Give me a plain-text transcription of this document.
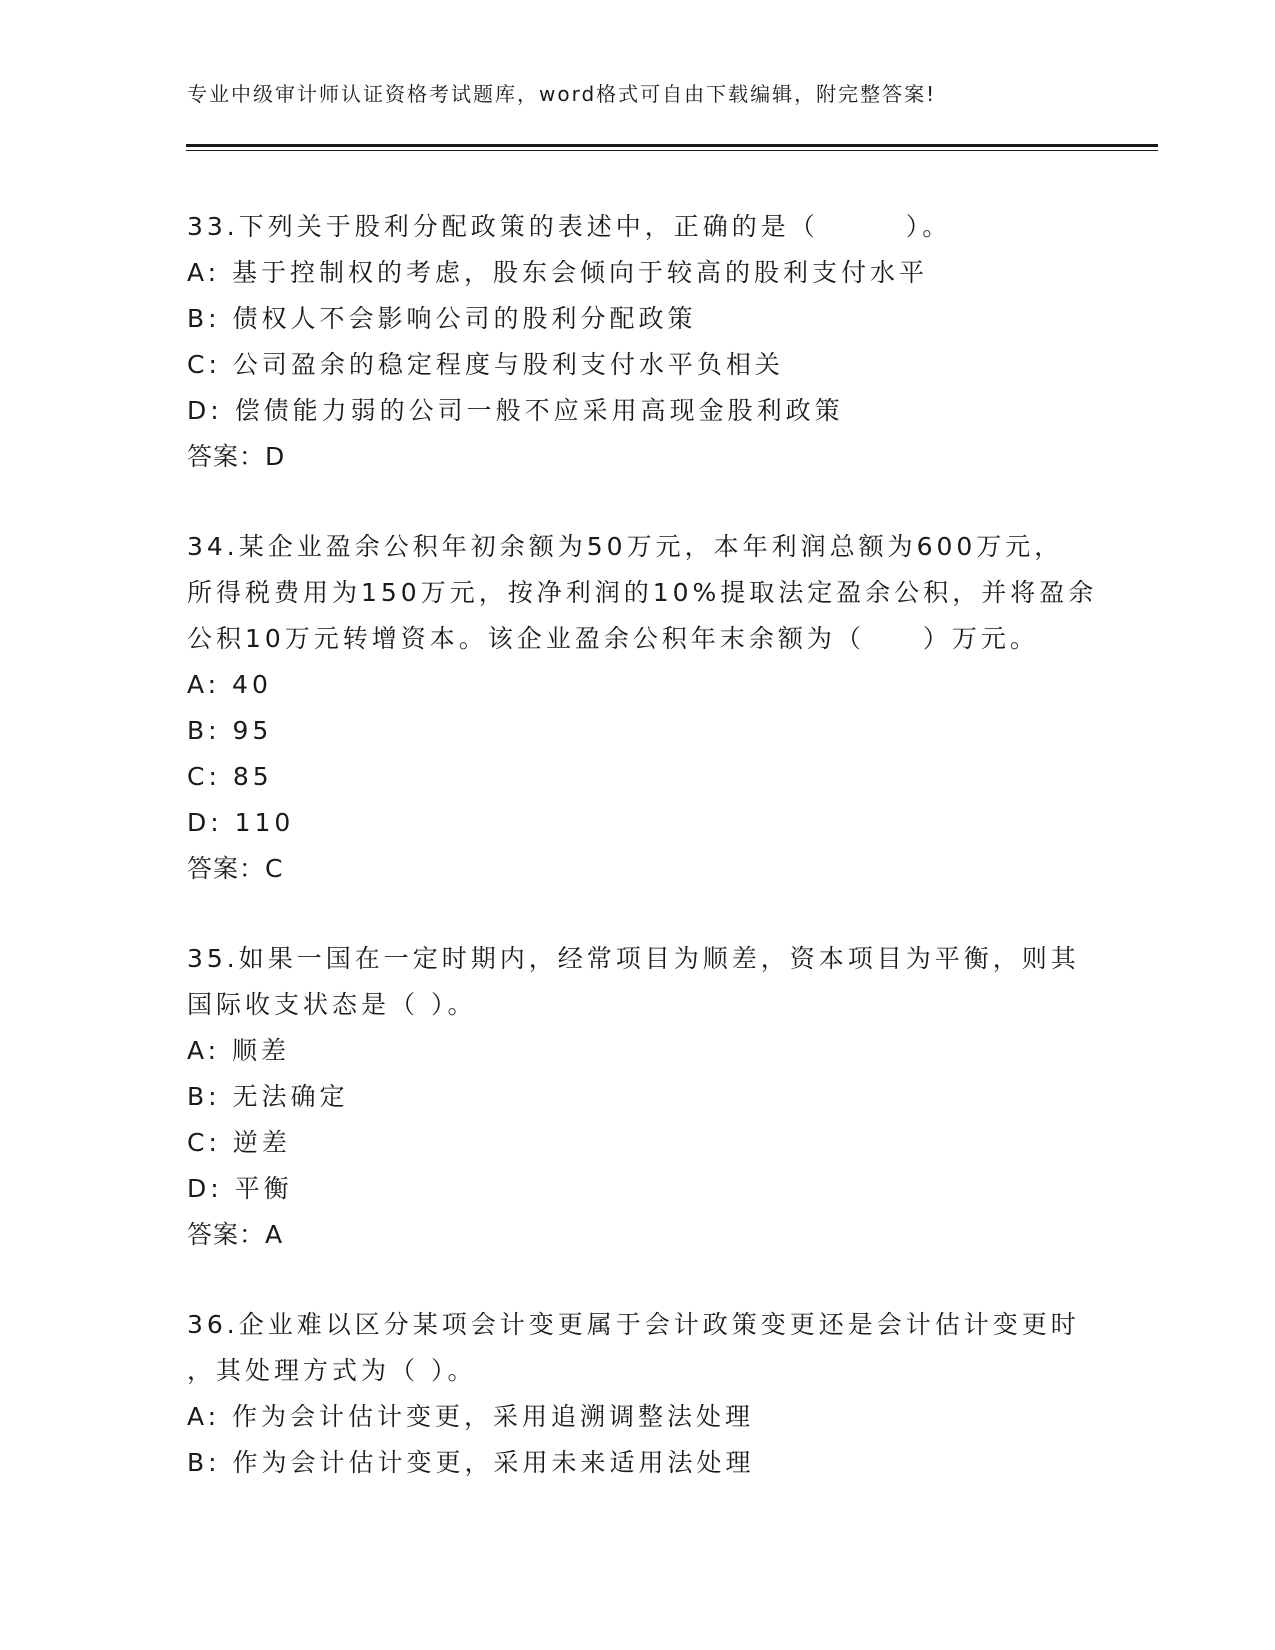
专业中级审计师认证资格考试题库，word格式可自由下载编辑，附完整答案!
33.下列关于股利分配政策的表述中，正确的是（　　　）。
A: 基于控制权的考虑，股东会倾向于较高的股利支付水平
B: 债权人不会影响公司的股利分配政策
C: 公司盈余的稳定程度与股利支付水平负相关
D: 偿债能力弱的公司一般不应采用高现金股利政策
答案：D
34.某企业盈余公积年初余额为50万元，本年利润总额为600万元，
所得税费用为150万元，按净利润的10%提取法定盈余公积，并将盈余
公积10万元转增资本。该企业盈余公积年末余额为（　　）万元。
A: 40
B: 95
C: 85
D: 110
答案：C
35.如果一国在一定时期内，经常项目为顺差，资本项目为平衡，则其
国际收支状态是（ ）。
A: 顺差
B: 无法确定
C: 逆差
D: 平衡
答案：A
36.企业难以区分某项会计变更属于会计政策变更还是会计估计变更时
，其处理方式为（ ）。
A: 作为会计估计变更，采用追溯调整法处理
B: 作为会计估计变更，采用未来适用法处理
